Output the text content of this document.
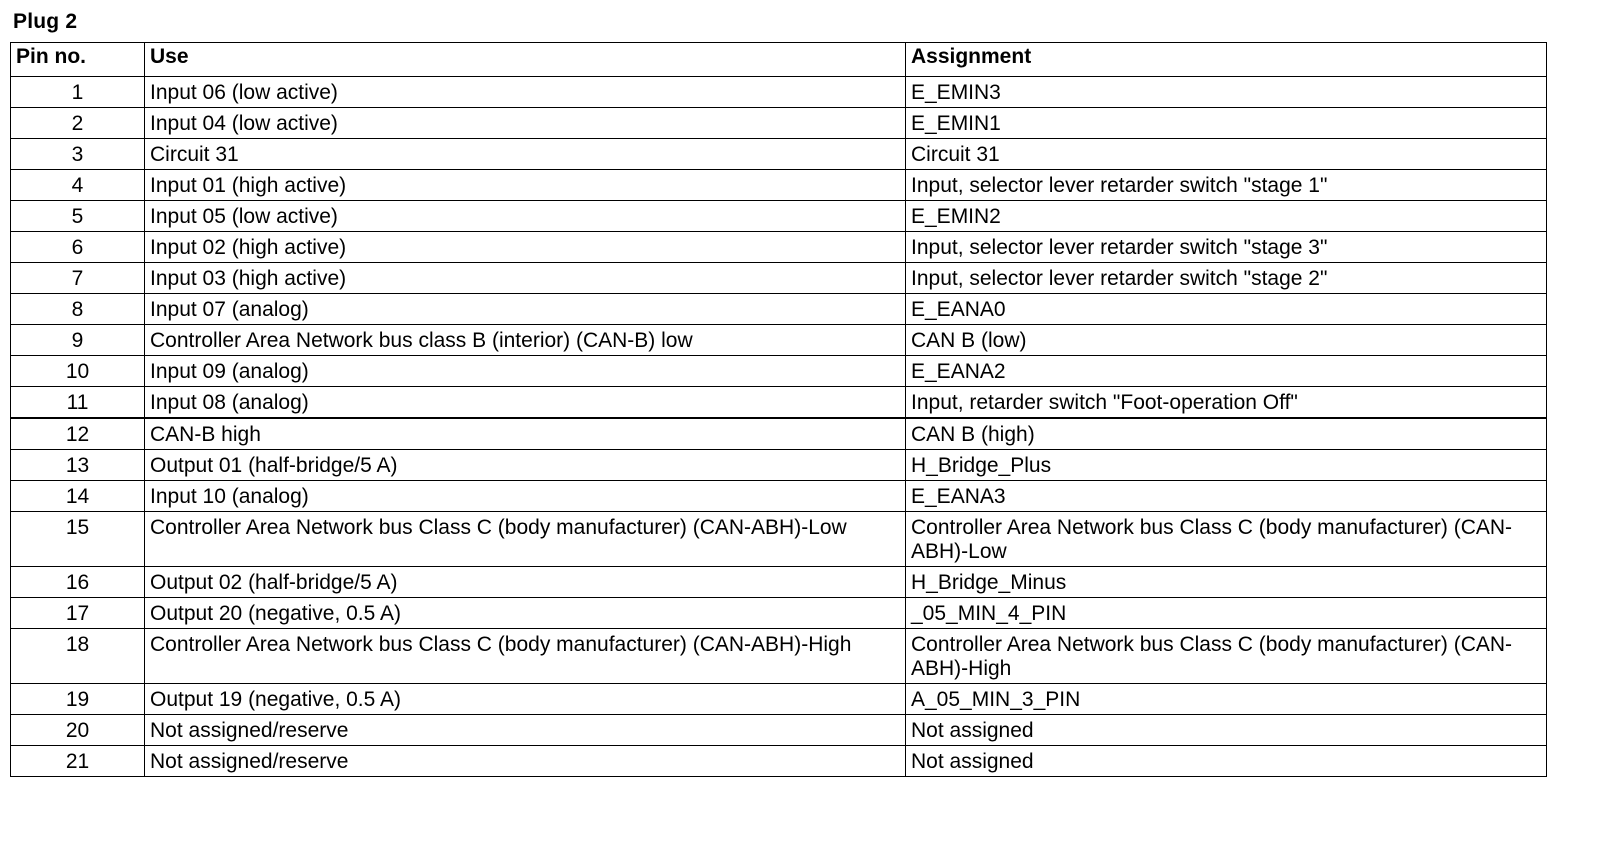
Plug 2
Pin no.	Use	Assignment
1	Input 06 (low active)	E_EMIN3
2	Input 04 (low active)	E_EMIN1
3	Circuit 31	Circuit 31
4	Input 01 (high active)	Input, selector lever retarder switch "stage 1"
5	Input 05 (low active)	E_EMIN2
6	Input 02 (high active)	Input, selector lever retarder switch "stage 3"
7	Input 03 (high active)	Input, selector lever retarder switch "stage 2"
8	Input 07 (analog)	E_EANA0
9	Controller Area Network bus class B (interior) (CAN-B) low	CAN B (low)
10	Input 09 (analog)	E_EANA2
11	Input 08 (analog)	Input, retarder switch "Foot-operation Off"
12	CAN-B high	CAN B (high)
13	Output 01 (half-bridge/5 A)	H_Bridge_Plus
14	Input 10 (analog)	E_EANA3
15	Controller Area Network bus Class C (body manufacturer) (CAN-ABH)-Low	Controller Area Network bus Class C (body manufacturer) (CAN-ABH)-Low
16	Output 02 (half-bridge/5 A)	H_Bridge_Minus
17	Output 20 (negative, 0.5 A)	_05_MIN_4_PIN
18	Controller Area Network bus Class C (body manufacturer) (CAN-ABH)-High	Controller Area Network bus Class C (body manufacturer) (CAN-ABH)-High
19	Output 19 (negative, 0.5 A)	A_05_MIN_3_PIN
20	Not assigned/reserve	Not assigned
21	Not assigned/reserve	Not assigned
